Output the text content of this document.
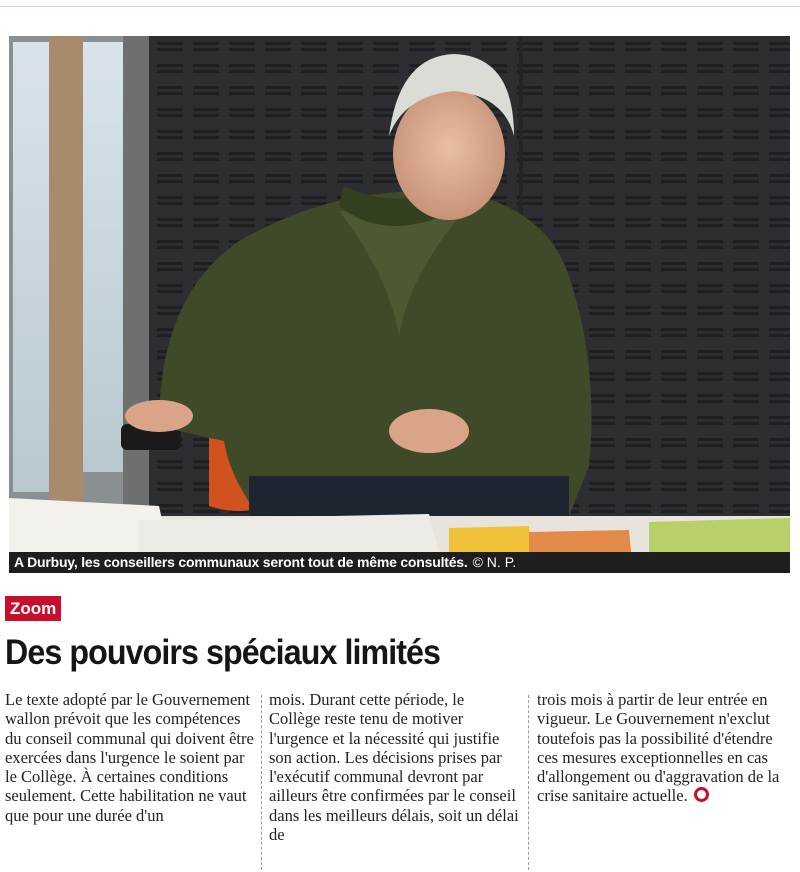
A Durbuy, les conseillers communaux seront tout de même consultés. © N. P.
Zoom
Des pouvoirs spéciaux limités

Le texte adopté par le Gouvernement wallon prévoit que les compétences du conseil communal qui doivent être exercées dans l'urgence le soient par le Collège. À certaines conditions seulement. Cette habilitation ne vaut que pour une durée d'un

mois. Durant cette période, le Collège reste tenu de motiver l'urgence et la nécessité qui justifie son action. Les décisions prises par l'exécutif communal devront par ailleurs être confirmées par le conseil dans les meilleurs délais, soit un délai de

trois mois à partir de leur entrée en vigueur. Le Gouvernement n'exclut toutefois pas la possibilité d'étendre ces mesures exceptionnelles en cas d'allongement ou d'aggravation de la crise sanitaire actuelle.
